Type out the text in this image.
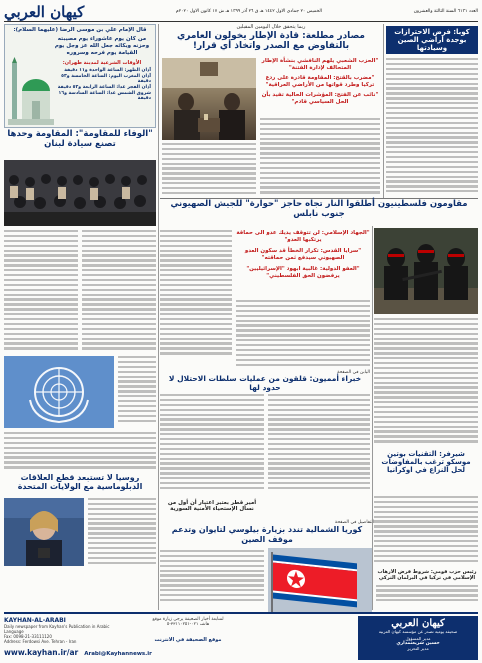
العدد ٦١٣١ السنة الثالثة والعشرون
الخميس ٢٠ جمادي الاول ١٤٤٢ هـ ق ٢٦ آذر ١٣٩٩ هـ ش ١٧ كانون الاول ٢٠٢٠م
كيهان العربي
كوبا: فرض الاحترازات بوجدة أراضي الصين وسيادتها
ربما يتحقق خلال اليومين المقبلين
مصادر مطلعة: قادة الإطار يخولون العامري بالتفاوض مع الصدر واتخاذ أي قرار!
"الحزب الشعبي يلهم النافشي بنشأة الإطار المتحالف لإدارة الفتنة"
"مضرب بالقتح: المقاومة قادرة على ردع تركيا وطرد قواتها من الأراضي العراقية"
"نائب عن الفتح: المؤشرات الحالية تفيد بأن الحل السياسي قادم"
قال الإمام علي بن موسى الرضا (عليهما السلام):
من كان يوم عاشوراء يوم مصيبته وحزنه وبكائه جعل الله عز وجل يوم القيامة يوم فرحه وسروره
الأوقات الشرعية لمدينة طهران:
آذان الظهر: الساعة الواحدة و١١ دقيقة
آذان المغرب اليوم: الساعة الخامسة و٥٣ دقيقة
آذان الفجر غدا: الساعة الرابعة و٥٢ دقيقة
شروق الشمس غدا: الساعة السادسة و١٦ دقيقة
"الوفاء للمقاومة": المقاومة وحدها تصنع سيادة لبنان
مقاومون فلسطينيون أطلقوا النار تجاه حاجز "حوارة" للجيش الصهيوني جنوب نابلس
"الجهاد الإسلامي: لن تتوقف يذيك عدو الى حماقة يرتكبها العدو"
"سرايا القدس: تكرار الخطأ قد سكون العدو الصهيوني سيدفع ثمن حماقته"
"العفو الدولية: غالبية ابهود "الإسرائيليين" يرفضون الحق الفلسطيني"
اليابن في الصفحة
خبراء أمميون: قلقون من عمليات سلطات الاحتلال لا حدود لها
شيرفر: التقنيات بوتين موسكو ترغب بالمفاوضات لحل النزاع في اوكرانيا
روسيا لا تستبعد قطع العلاقات الدبلوماسية مع الولايات المتحدة
أمير قطر بعتبر اعتبار أن أول من نسأل الإستحياء الأمنية السورية
التفاصيل في الصفحة
كوريا الشمالية تندد بزيارة بيلوسي لتايوان وتدعم موقف الصين
رئيس حزب قومي: شروط فرض الارهاب الإسلامي في تركيا في البرلمان التركي
KAYHAN-AL-ARABI
Daily newspaper from Kayhan's Publication in Arabic Language
Fax: 0098-21-33111120
Address: Ferdowsi Ave. Tehran - Iran
www.kayhan.ir/ar Arabi@Kayhannews.ir
لمتابعة أخبار الصحيفة يرجى زيارة موقع
هاتف ٠٢١-٣٣١١٠٢٥١-٥
موقع الصحيفة في الانترنت
كيهان العربي
صحيفة يومية تصدر عن مؤسسة كيهان العربية
مدير المسؤول
حسين شريعتمداري
مدير التحرير
